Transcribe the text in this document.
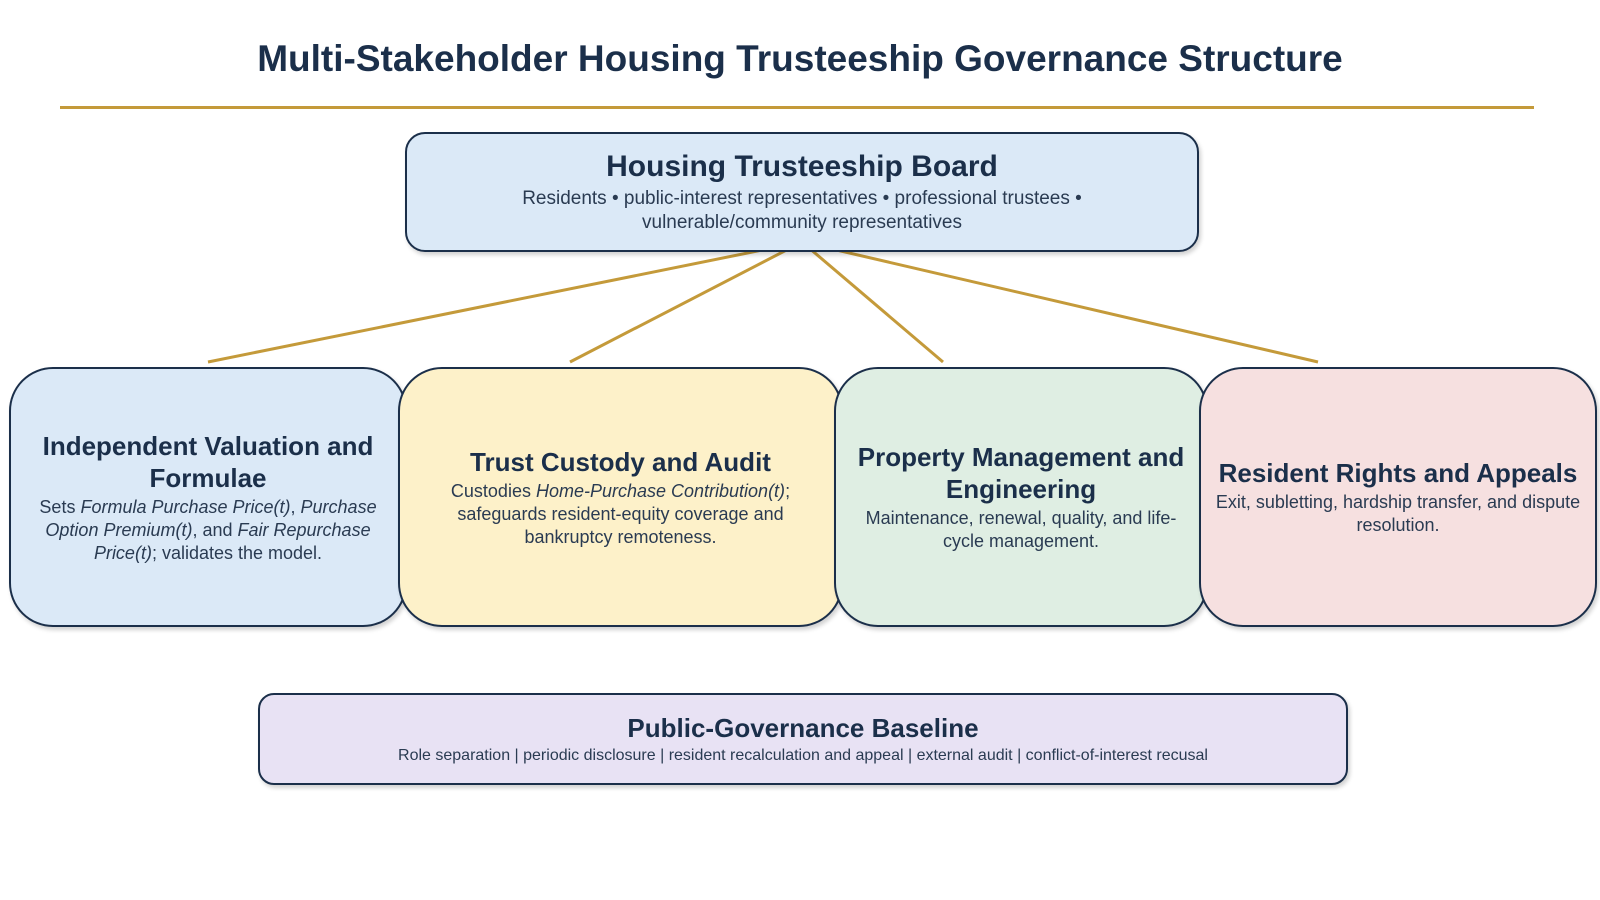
Multi-Stakeholder Housing Trusteeship Governance Structure
Housing Trusteeship Board

Residents • public-interest representatives • professional trustees • vulnerable/community representatives

Independent Valuation and Formulae

Sets Formula Purchase Price(t), Purchase Option Premium(t), and Fair Repurchase Price(t); validates the model.

Trust Custody and Audit

Custodies Home-Purchase Contribution(t); safeguards resident-equity coverage and bankruptcy remoteness.

Property Management and Engineering

Maintenance, renewal, quality, and life-cycle management.

Resident Rights and Appeals

Exit, subletting, hardship transfer, and dispute resolution.

Public-Governance Baseline

Role separation | periodic disclosure | resident recalculation and appeal | external audit | conflict-of-interest recusal
